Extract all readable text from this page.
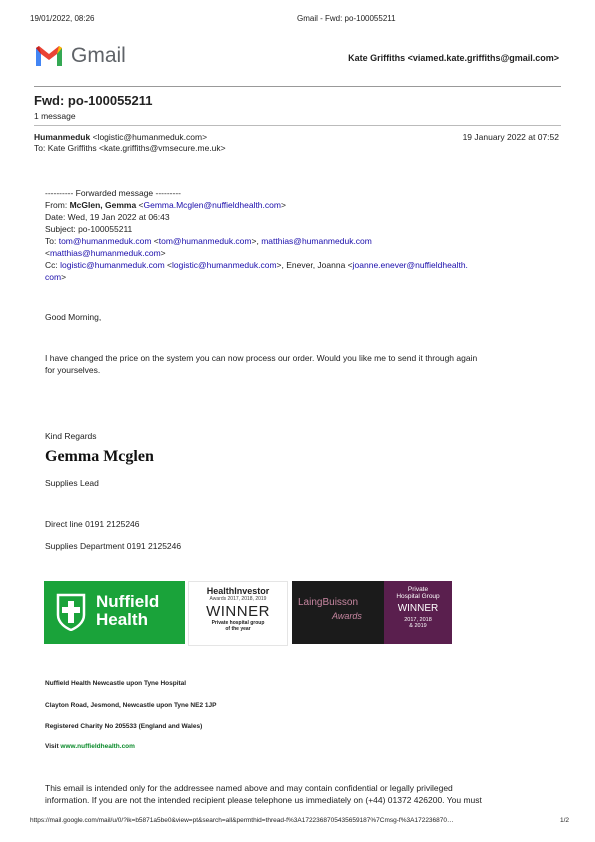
19/01/2022, 08:26	Gmail - Fwd: po-100055211
Gmail	Kate Griffiths <viamed.kate.griffiths@gmail.com>
Fwd: po-100055211
1 message
Humanmeduk <logistic@humanmeduk.com>	19 January 2022 at 07:52
To: Kate Griffiths <kate.griffiths@vmsecure.me.uk>
---------- Forwarded message ---------
From: McGlen, Gemma <Gemma.Mcglen@nuffieldhealth.com>
Date: Wed, 19 Jan 2022 at 06:43
Subject: po-100055211
To: tom@humanmeduk.com <tom@humanmeduk.com>, matthias@humanmeduk.com
<matthias@humanmeduk.com>
Cc: logistic@humanmeduk.com <logistic@humanmeduk.com>, Enever, Joanna <joanne.enever@nuffieldhealth.
com>
Good Morning,
I have changed the price on the system you can now process our order. Would you like me to send it through again
for yourselves.
Kind Regards
Gemma Mcglen
Supplies Lead
Direct line 0191 2125246
Supplies Department 0191 2125246
Nuffield
Health
HealthInvestor
Awards 2017, 2018, 2019
WINNER
Private hospital group
of the year
LaingBuisson
Awards
Private
Hospital Group
WINNER
2017, 2018
& 2019
Nuffield Health Newcastle upon Tyne Hospital
Clayton Road, Jesmond, Newcastle upon Tyne NE2 1JP
Registered Charity No 205533 (England and Wales)
Visit www.nuffieldhealth.com
This email is intended only for the addressee named above and may contain confidential or legally privileged
information. If you are not the intended recipient please telephone us immediately on (+44) 01372 426200. You must
https://mail.google.com/mail/u/0/?ik=b5871a5be0&view=pt&search=all&permthid=thread-f%3A1722368705435659187%7Cmsg-f%3A172236870…	1/2
